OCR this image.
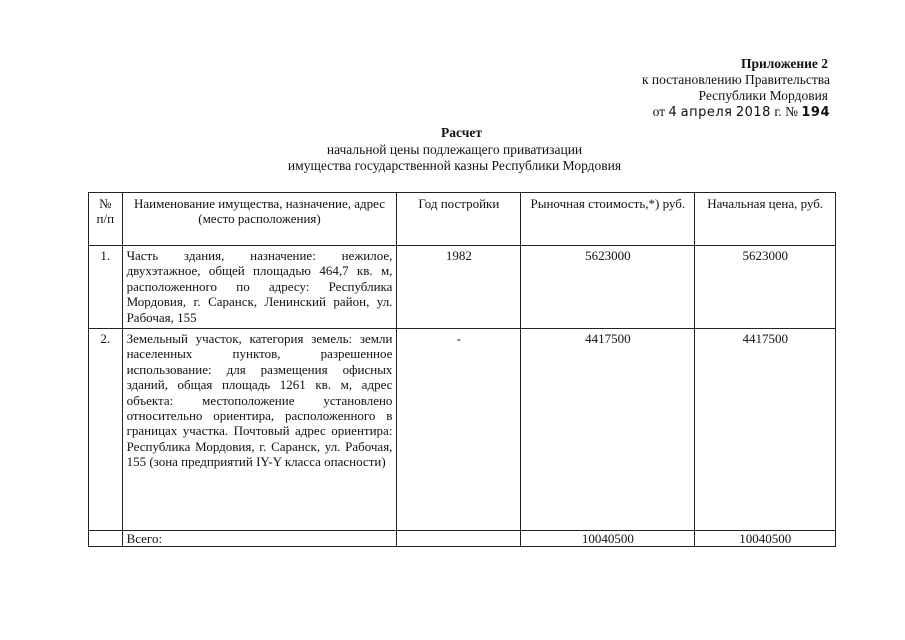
Приложение 2
к постановлению Правительства
Республики Мордовия
от 4 апреля 2018 г. № 194
Расчет
начальной цены подлежащего приватизации
имущества государственной казны Республики Мордовия
№ п/п	Наименование имущества, назначение, адрес (место расположения)	Год постройки	Рыночная стоимость,*) руб.	Начальная цена, руб.
1.	Часть здания, назначение: нежилое, двухэтажное, общей площадью 464,7 кв. м, расположенного по адресу: Республика Мордовия, г. Саранск, Ленинский район, ул. Рабочая, 155	1982	5623000	5623000
2.	Земельный участок, категория земель: земли населенных пунктов, разрешенное использование: для размещения офисных зданий, общая площадь 1261 кв. м, адрес объекта: местоположение установлено относительно ориентира, расположенного в границах участка. Почтовый адрес ориентира: Республика Мордовия, г. Саранск, ул. Рабочая, 155 (зона предприятий IY-Y класса опасности)	-	4417500	4417500
	Всего:		10040500	10040500
